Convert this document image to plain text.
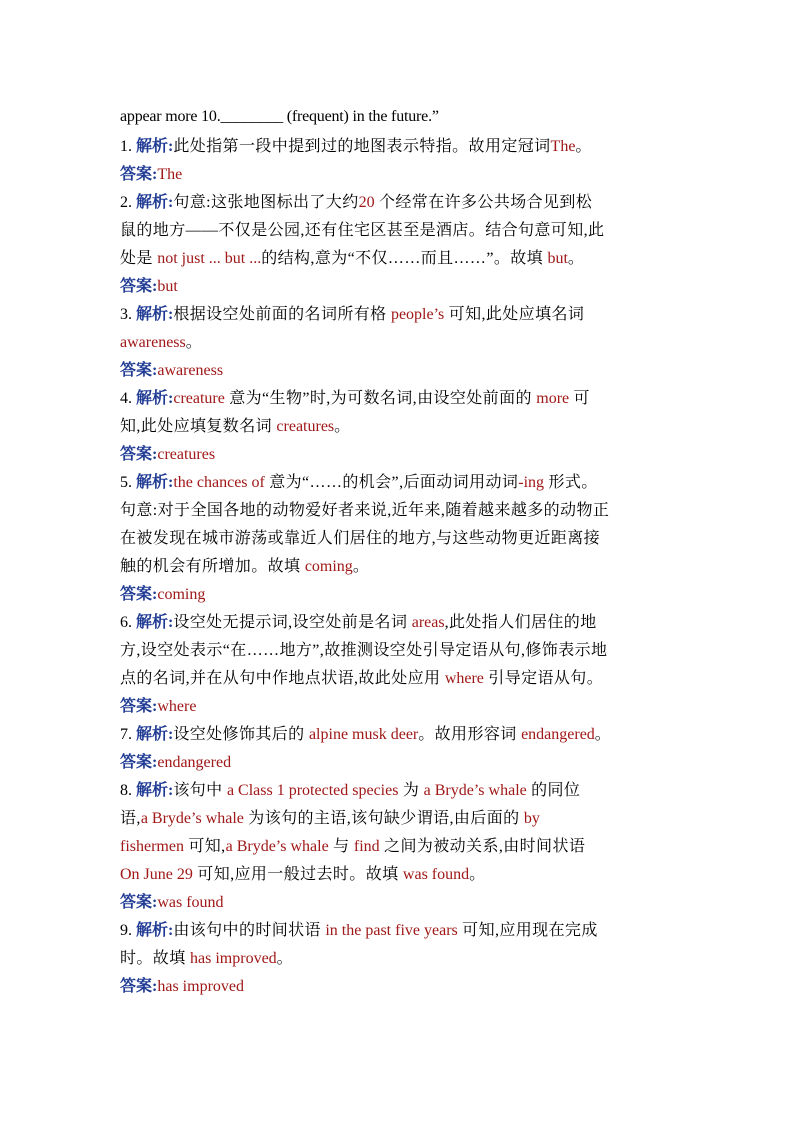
appear more 10.________ (frequent) in the future.”

1. 解析:此处指第一段中提到过的地图表示特指。故用定冠词The。

答案:The

2. 解析:句意:这张地图标出了大约20 个经常在许多公共场合见到松

鼠的地方——不仅是公园,还有住宅区甚至是酒店。结合句意可知,此

处是 not just ... but ...的结构,意为“不仅……而且……”。故填 but。

答案:but

3. 解析:根据设空处前面的名词所有格 people’s 可知,此处应填名词

awareness。

答案:awareness

4. 解析:creature 意为“生物”时,为可数名词,由设空处前面的 more 可

知,此处应填复数名词 creatures。

答案:creatures

5. 解析:the chances of 意为“……的机会”,后面动词用动词-ing 形式。

句意:对于全国各地的动物爱好者来说,近年来,随着越来越多的动物正

在被发现在城市游荡或靠近人们居住的地方,与这些动物更近距离接

触的机会有所增加。故填 coming。

答案:coming

6. 解析:设空处无提示词,设空处前是名词 areas,此处指人们居住的地

方,设空处表示“在……地方”,故推测设空处引导定语从句,修饰表示地

点的名词,并在从句中作地点状语,故此处应用 where 引导定语从句。

答案:where

7. 解析:设空处修饰其后的 alpine musk deer。故用形容词 endangered。

答案:endangered

8. 解析:该句中 a Class 1 protected species 为 a Bryde’s whale 的同位

语,a Bryde’s whale 为该句的主语,该句缺少谓语,由后面的 by

fishermen 可知,a Bryde’s whale 与 find 之间为被动关系,由时间状语

On June 29 可知,应用一般过去时。故填 was found。

答案:was found

9. 解析:由该句中的时间状语 in the past five years 可知,应用现在完成

时。故填 has improved。

答案:has improved
